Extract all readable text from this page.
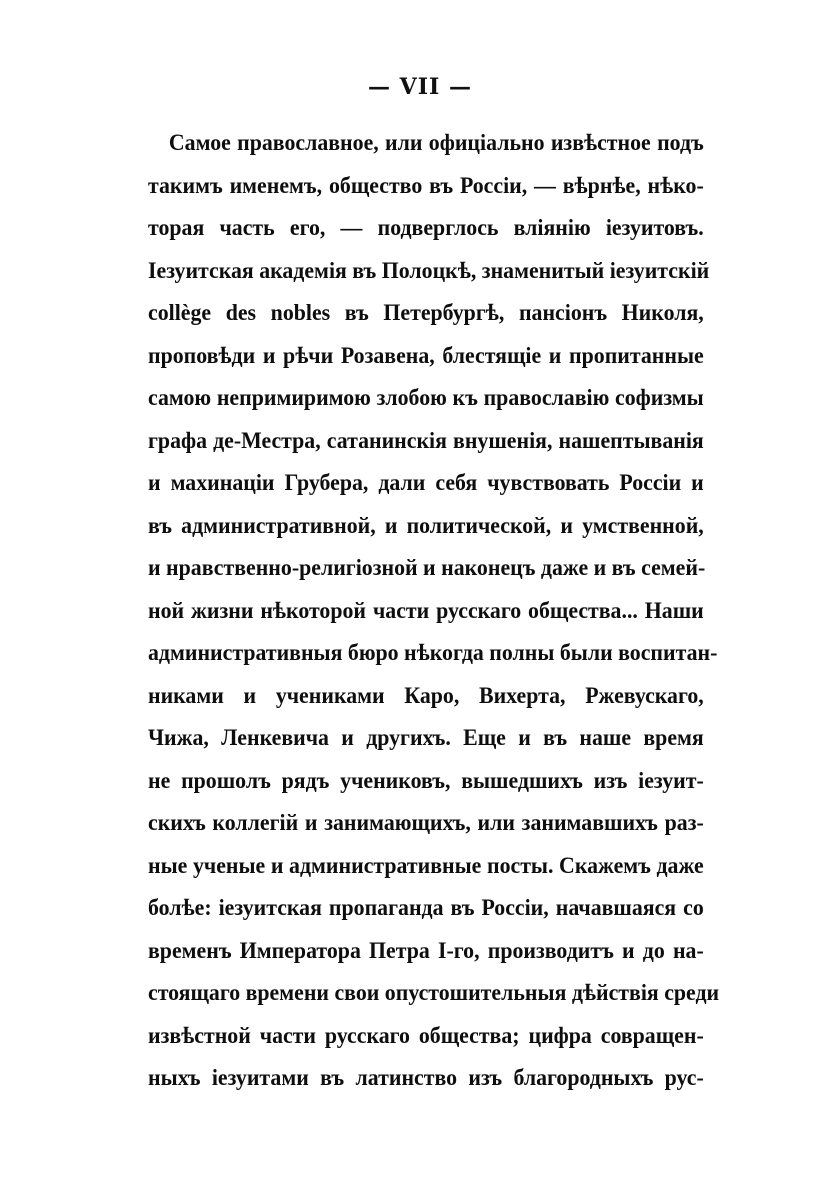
— VII —
Самое православное, или офиціально извѣстное подъ
такимъ именемъ, общество въ Россіи, — вѣрнѣе, нѣко-
торая часть его, — подверглось вліянію іезуитовъ.
Іезуитская академія въ Полоцкѣ, знаменитый іезуитскій
collège des nobles въ Петербургѣ, пансіонъ Николя,
проповѣди и рѣчи Розавена, блестящіе и пропитанные
самою непримиримою злобою къ православію софизмы
графа де-Местра, сатанинскія внушенія, нашептыванія
и махинаціи Грубера, дали себя чувствовать Россіи и
въ административной, и политической, и умственной,
и нравственно-религіозной и наконецъ даже и въ семей-
ной жизни нѣкоторой части русскаго общества... Наши
административныя бюро нѣкогда полны были воспитан-
никами и учениками Каро, Вихерта, Ржевускаго,
Чижа, Ленкевича и другихъ. Еще и въ наше время
не прошолъ рядъ учениковъ, вышедшихъ изъ іезуит-
скихъ коллегій и занимающихъ, или занимавшихъ раз-
ные ученые и административные посты. Скажемъ даже
болѣе: іезуитская пропаганда въ Россіи, начавшаяся со
временъ Императора Петра I-го, производитъ и до на-
стоящаго времени свои опустошительныя дѣйствія среди
извѣстной части русскаго общества; цифра совращен-
ныхъ іезуитами въ латинство изъ благородныхъ рус-
